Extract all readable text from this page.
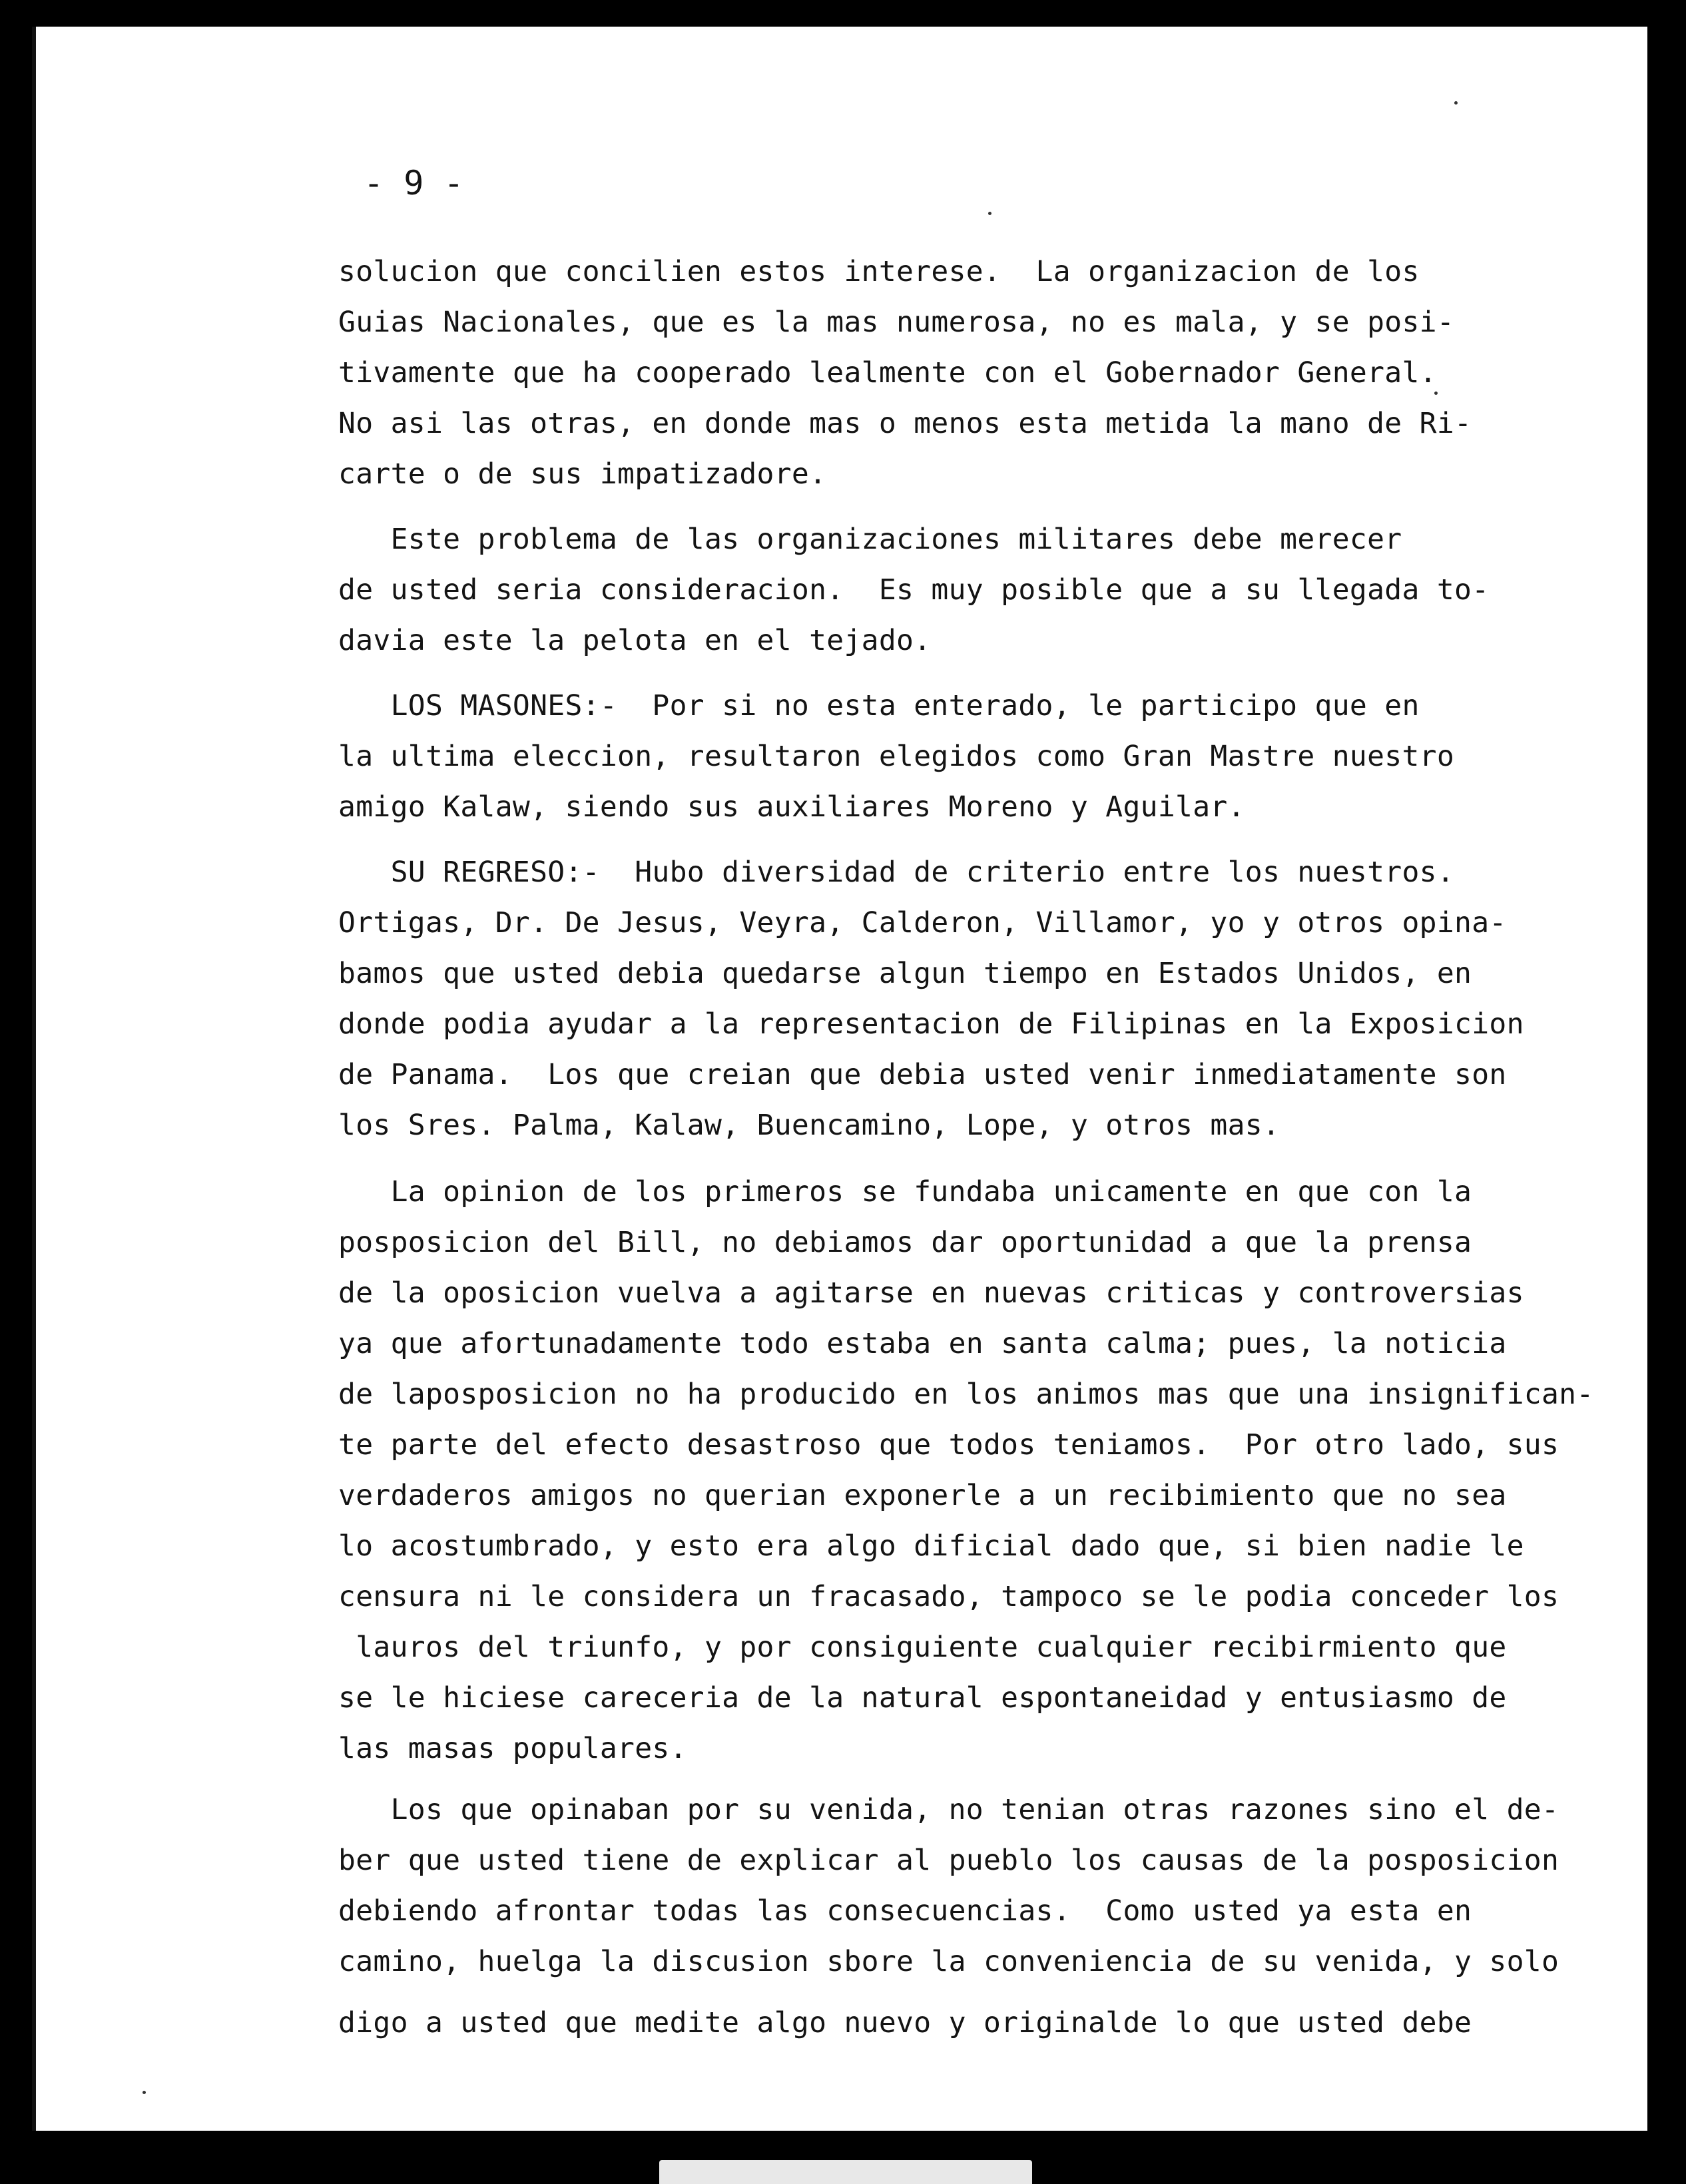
- 9 -
solucion que concilien estos interese.  La organizacion de los
Guias Nacionales, que es la mas numerosa, no es mala, y se posi-
tivamente que ha cooperado lealmente con el Gobernador General.
No asi las otras, en donde mas o menos esta metida la mano de Ri-
carte o de sus impatizadore.
Este problema de las organizaciones militares debe merecer
de usted seria consideracion.  Es muy posible que a su llegada to-
davia este la pelota en el tejado.
LOS MASONES:-  Por si no esta enterado, le participo que en
la ultima eleccion, resultaron elegidos como Gran Mastre nuestro
amigo Kalaw, siendo sus auxiliares Moreno y Aguilar.
SU REGRESO:-  Hubo diversidad de criterio entre los nuestros.
Ortigas, Dr. De Jesus, Veyra, Calderon, Villamor, yo y otros opina-
bamos que usted debia quedarse algun tiempo en Estados Unidos, en
donde podia ayudar a la representacion de Filipinas en la Exposicion
de Panama.  Los que creian que debia usted venir inmediatamente son
los Sres. Palma, Kalaw, Buencamino, Lope, y otros mas.
La opinion de los primeros se fundaba unicamente en que con la
posposicion del Bill, no debiamos dar oportunidad a que la prensa
de la oposicion vuelva a agitarse en nuevas criticas y controversias
ya que afortunadamente todo estaba en santa calma; pues, la noticia
de laposposicion no ha producido en los animos mas que una insignifican-
te parte del efecto desastroso que todos teniamos.  Por otro lado, sus
verdaderos amigos no querian exponerle a un recibimiento que no sea
lo acostumbrado, y esto era algo dificial dado que, si bien nadie le
censura ni le considera un fracasado, tampoco se le podia conceder los
lauros del triunfo, y por consiguiente cualquier recibirmiento que
se le hiciese careceria de la natural espontaneidad y entusiasmo de
las masas populares.
Los que opinaban por su venida, no tenian otras razones sino el de-
ber que usted tiene de explicar al pueblo los causas de la posposicion
debiendo afrontar todas las consecuencias.  Como usted ya esta en
camino, huelga la discusion sbore la conveniencia de su venida, y solo
digo a usted que medite algo nuevo y originalde lo que usted debe
